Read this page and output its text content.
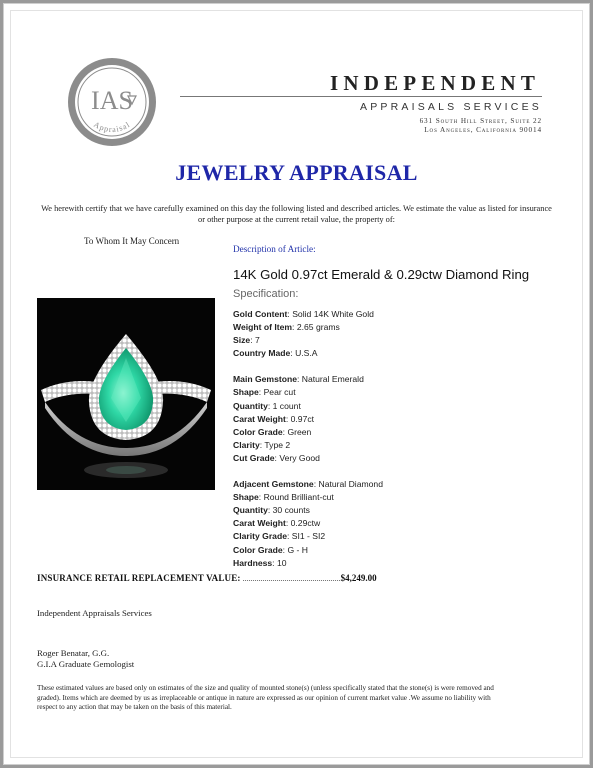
IAS
Appraisal
INDEPENDENT
APPRAISALS SERVICES
631 South Hill Street, Suite 22
Los Angeles, California 90014
JEWELRY APPRAISAL
We herewith certify that we have carefully examined on this day the following listed and described articles. We estimate the value as listed for insurance or other purpose at the current retail value, the property of:
To Whom It May Concern
Description of Article:
14K Gold 0.97ct Emerald & 0.29ctw Diamond Ring
Specification:
Gold Content: Solid 14K White Gold
Weight of Item: 2.65 grams
Size: 7
Country Made: U.S.A
Main Gemstone: Natural Emerald
Shape: Pear cut
Quantity: 1 count
Carat Weight: 0.97ct
Color Grade: Green
Clarity: Type 2
Cut Grade: Very Good
Adjacent Gemstone: Natural Diamond
Shape: Round Brilliant-cut
Quantity: 30 counts
Carat Weight: 0.29ctw
Clarity Grade: SI1 - SI2
Color Grade: G - H
Hardness: 10
INSURANCE RETAIL REPLACEMENT VALUE: .................................................$4,249.00
Independent Appraisals Services
Roger Benatar, G.G.
G.I.A Graduate Gemologist
These estimated values are based only on estimates of the size and quality of mounted stone(s) (unless specifically stated that the stone(s) is were removed and graded). Items which are deemed by us as irreplaceable or antique in nature are expressed as our opinion of current market value .We assume no liability with respect to any action that may be taken on the basis of this material.
